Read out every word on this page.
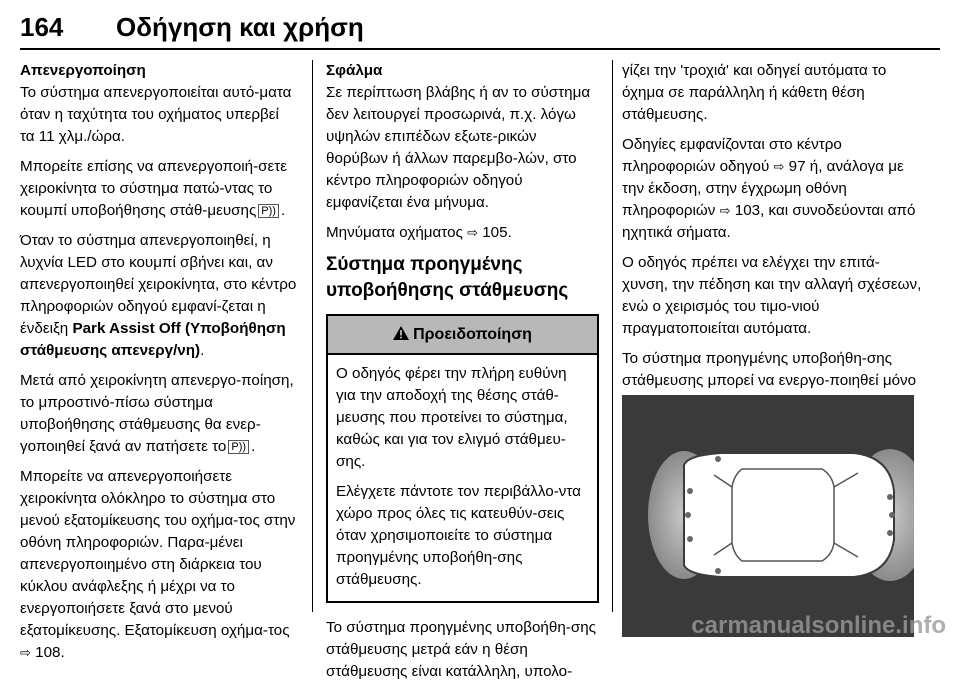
164 Οδήγηση και χρήση

Απενεργοποίηση
Το σύστημα απενεργοποιείται αυτό-ματα όταν η ταχύτητα του οχήματος υπερβεί τα 11 χλμ./ώρα.

Μπορείτε επίσης να απενεργοποιή-σετε χειροκίνητα το σύστημα πατώ-ντας το κουμπί υποβοήθησης στάθ-μευσης P)) .

Όταν το σύστημα απενεργοποιηθεί, η λυχνία LED στο κουμπί σβήνει και, αν απενεργοποιηθεί χειροκίνητα, στο κέντρο πληροφοριών οδηγού εμφανί-ζεται η ένδειξη Park Assist Off (Υποβοήθηση στάθμευσης απενεργ/νη).

Μετά από χειροκίνητη απενεργο-ποίηση, το μπροστινό-πίσω σύστημα υποβοήθησης στάθμευσης θα ενερ-γοποιηθεί ξανά αν πατήσετε το P)) .

Μπορείτε να απενεργοποιήσετε χειροκίνητα ολόκληρο το σύστημα στο μενού εξατομίκευσης του οχήμα-τος στην οθόνη πληροφοριών. Παρα-μένει απενεργοποιημένο στη διάρκεια του κύκλου ανάφλεξης ή μέχρι να το ενεργοποιήσετε ξανά στο μενού εξατομίκευσης. Εξατομίκευση οχήμα-τος ⇨ 108.

Σφάλμα
Σε περίπτωση βλάβης ή αν το σύστημα δεν λειτουργεί προσωρινά, π.χ. λόγω υψηλών επιπέδων εξωτε-ρικών θορύβων ή άλλων παρεμβο-λών, στο κέντρο πληροφοριών οδηγού εμφανίζεται ένα μήνυμα.

Μηνύματα οχήματος ⇨ 105.

Σύστημα προηγμένης υποβοήθησης στάθμευσης
Προειδοποίηση

Ο οδηγός φέρει την πλήρη ευθύνη για την αποδοχή της θέσης στάθ-μευσης που προτείνει το σύστημα, καθώς και για τον ελιγμό στάθμευ-σης.

Ελέγχετε πάντοτε τον περιβάλλο-ντα χώρο προς όλες τις κατευθύν-σεις όταν χρησιμοποιείτε το σύστημα προηγμένης υποβοήθη-σης στάθμευσης.

Το σύστημα προηγμένης υποβοήθη-σης στάθμευσης μετρά εάν η θέση στάθμευσης είναι κατάλληλη, υπολο-

γίζει την 'τροχιά' και οδηγεί αυτόματα το όχημα σε παράλληλη ή κάθετη θέση στάθμευσης.

Οδηγίες εμφανίζονται στο κέντρο πληροφοριών οδηγού ⇨ 97 ή, ανάλογα με την έκδοση, στην έγχρωμη οθόνη πληροφοριών ⇨ 103, και συνοδεύονται από ηχητικά σήματα.

Ο οδηγός πρέπει να ελέγχει την επιτά-χυνση, την πέδηση και την αλλαγή σχέσεων, ενώ ο χειρισμός του τιμο-νιού πραγματοποιείται αυτόματα.

Το σύστημα προηγμένης υποβοήθη-σης στάθμευσης μπορεί να ενεργο-ποιηθεί μόνο

carmanualsonline.info
